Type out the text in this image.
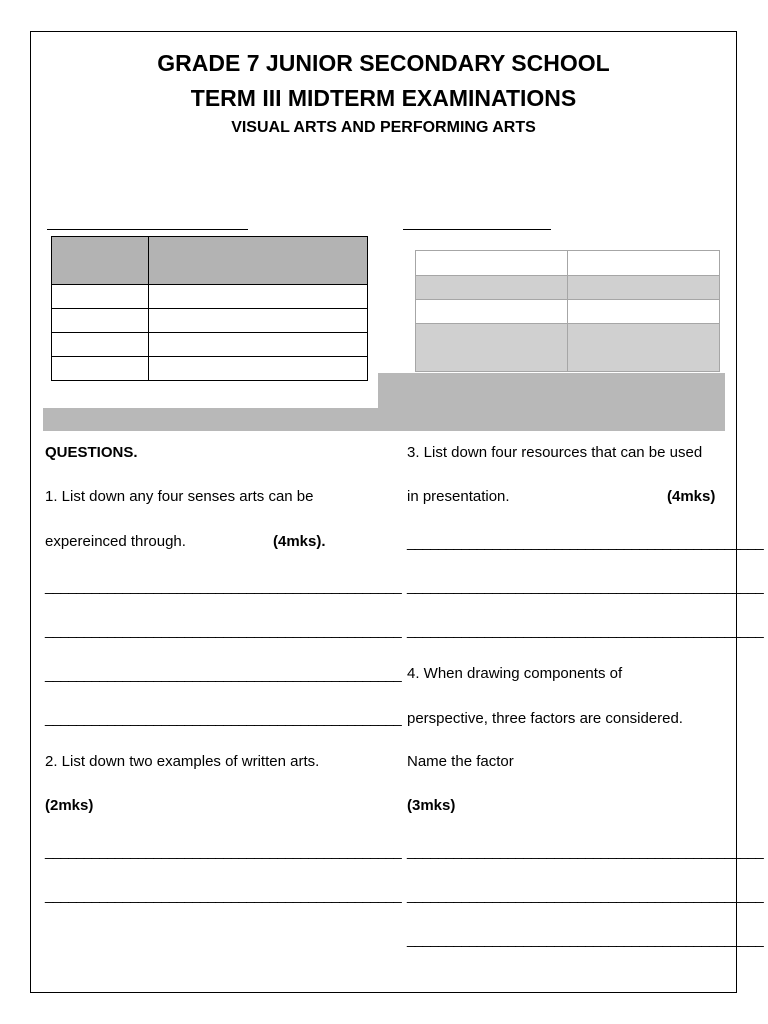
GRADE 7 JUNIOR SECONDARY SCHOOL
TERM III MIDTERM EXAMINATIONS
VISUAL ARTS AND PERFORMING ARTS

QUESTIONS.

1. List down any four senses arts can be

expereinced through.	(4mks).

______________________________________________

______________________________________________

______________________________________________

______________________________________________

2. List down two examples of written arts.

(2mks)

______________________________________________

______________________________________________

3. List down four resources that can be used

in presentation.	(4mks)

______________________________________________

______________________________________________

______________________________________________

4. When drawing components of

perspective, three factors are considered.

Name the factor

(3mks)

______________________________________________

______________________________________________

______________________________________________
